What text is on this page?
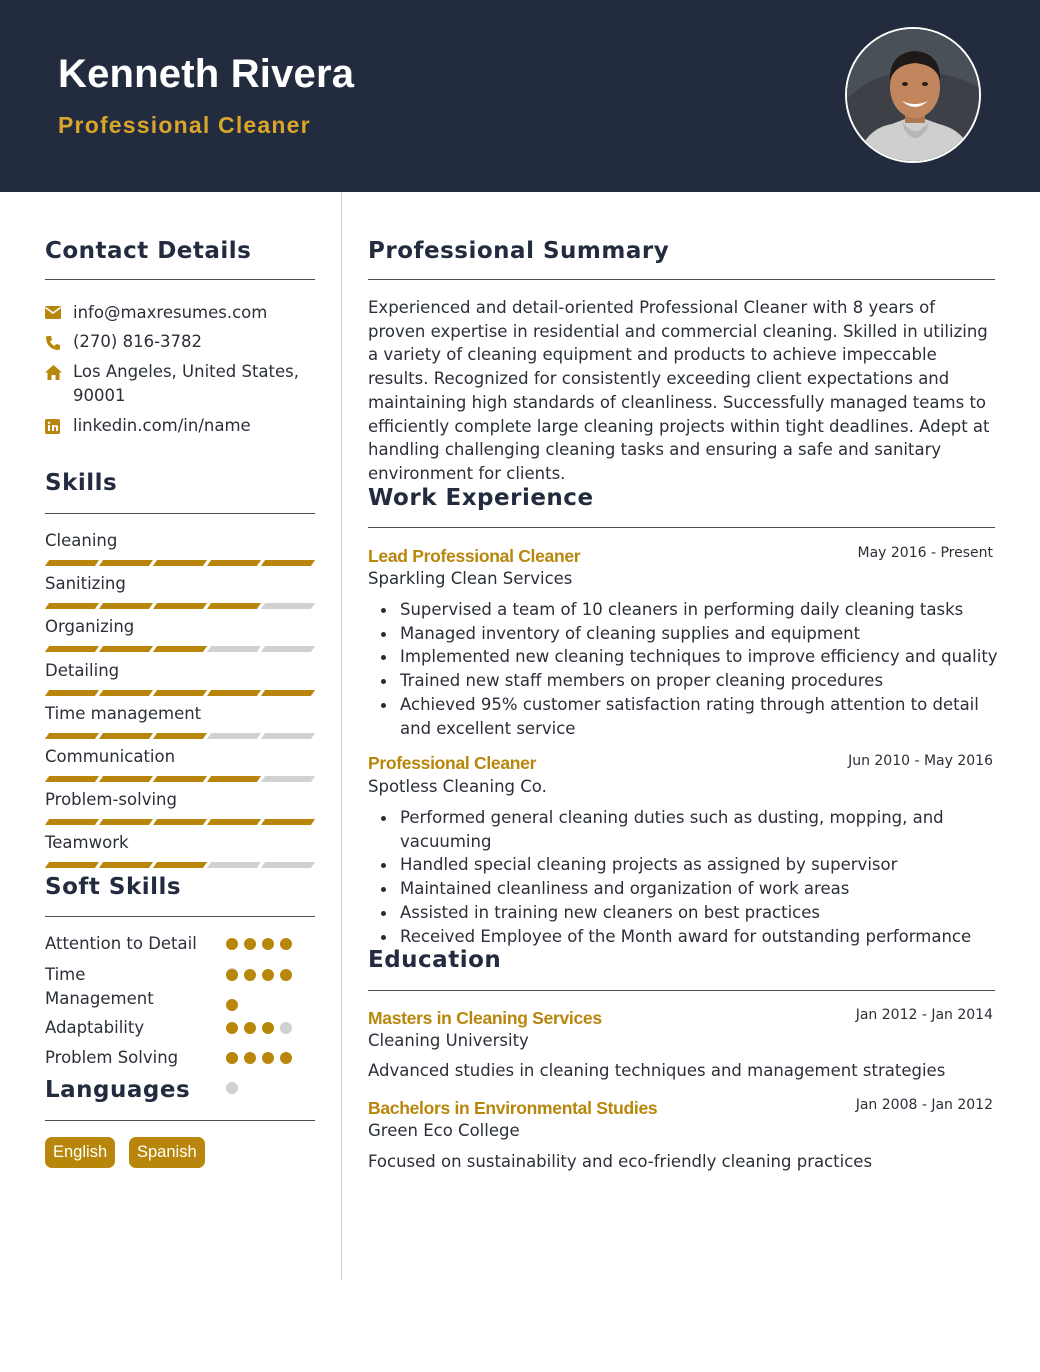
Kenneth Rivera
Professional Cleaner
Contact Details
info@maxresumes.com
(270) 816-3782
Los Angeles, United States,
90001
linkedin.com/in/name
Skills
Cleaning
Sanitizing
Organizing
Detailing
Time management
Communication
Problem-solving
Teamwork
Soft Skills
Attention to Detail
Time Management
Adaptability
Problem Solving
Languages
English	Spanish
Professional Summary

Experienced and detail-oriented Professional Cleaner with 8 years of proven expertise in residential and commercial cleaning. Skilled in utilizing a variety of cleaning equipment and products to achieve impeccable results. Recognized for consistently exceeding client expectations and maintaining high standards of cleanliness. Successfully managed teams to efficiently complete large cleaning projects within tight deadlines. Adept at handling challenging cleaning tasks and ensuring a safe and sanitary environment for clients.

Work Experience
Lead Professional Cleaner	May 2016 - Present
Sparkling Clean Services
Supervised a team of 10 cleaners in performing daily cleaning tasks
Managed inventory of cleaning supplies and equipment
Implemented new cleaning techniques to improve efficiency and quality
Trained new staff members on proper cleaning procedures
Achieved 95% customer satisfaction rating through attention to detail and excellent service
Professional Cleaner	Jun 2010 - May 2016
Spotless Cleaning Co.
Performed general cleaning duties such as dusting, mopping, and vacuuming
Handled special cleaning projects as assigned by supervisor
Maintained cleanliness and organization of work areas
Assisted in training new cleaners on best practices
Received Employee of the Month award for outstanding performance
Education
Masters in Cleaning Services	Jan 2012 - Jan 2014
Cleaning University
Advanced studies in cleaning techniques and management strategies
Bachelors in Environmental Studies	Jan 2008 - Jan 2012
Green Eco College
Focused on sustainability and eco-friendly cleaning practices
